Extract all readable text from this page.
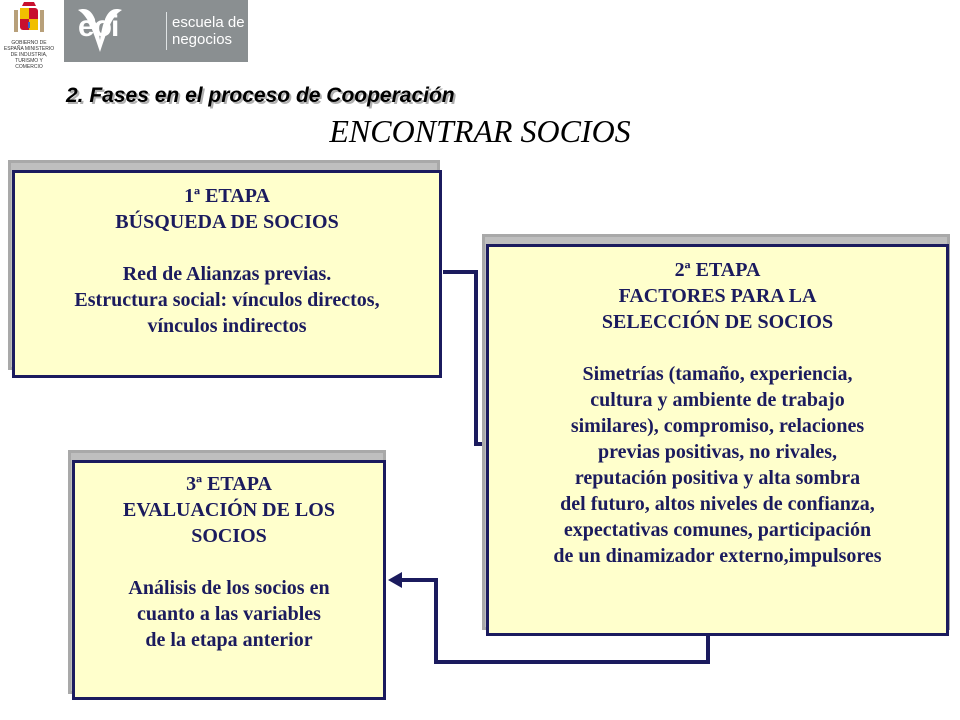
GOBIERNO DE ESPAÑA MINISTERIO DE INDUSTRIA, TURISMO Y COMERCIO
eoi	escuela de negocios
2. Fases en el proceso de Cooperación
ENCONTRAR SOCIOS
1ª ETAPA
BÚSQUEDA DE SOCIOS
Red de Alianzas previas.
Estructura social: vínculos directos,
vínculos indirectos
2ª ETAPA
FACTORES PARA LA
SELECCIÓN DE SOCIOS
Simetrías (tamaño, experiencia,
cultura y ambiente de trabajo
similares), compromiso, relaciones
previas positivas, no rivales,
reputación positiva y alta sombra
del futuro, altos niveles de confianza,
expectativas comunes, participación
de un dinamizador externo,impulsores
3ª ETAPA
EVALUACIÓN DE LOS
SOCIOS
Análisis de los socios en
cuanto a las variables
de la etapa anterior
